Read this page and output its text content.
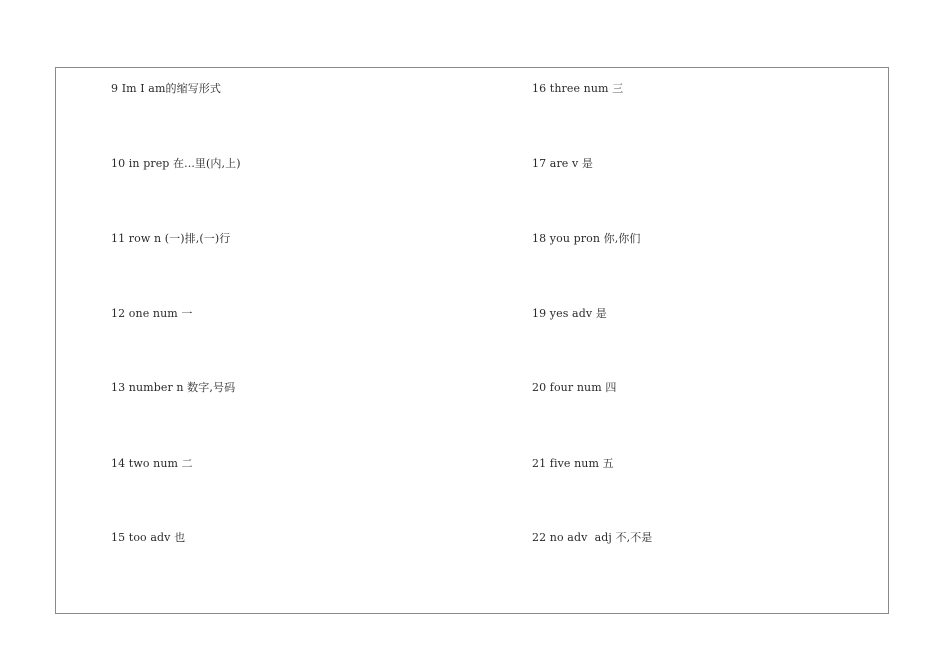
9 Im I am的缩写形式
10 in prep 在...里(内,上)
11 row n (一)排,(一)行
12 one num 一
13 number n 数字,号码
14 two num 二
15 too adv 也
16 three num 三
17 are v 是
18 you pron 你,你们
19 yes adv 是
20 four num 四
21 five num 五
22 no adv  adj 不,不是
